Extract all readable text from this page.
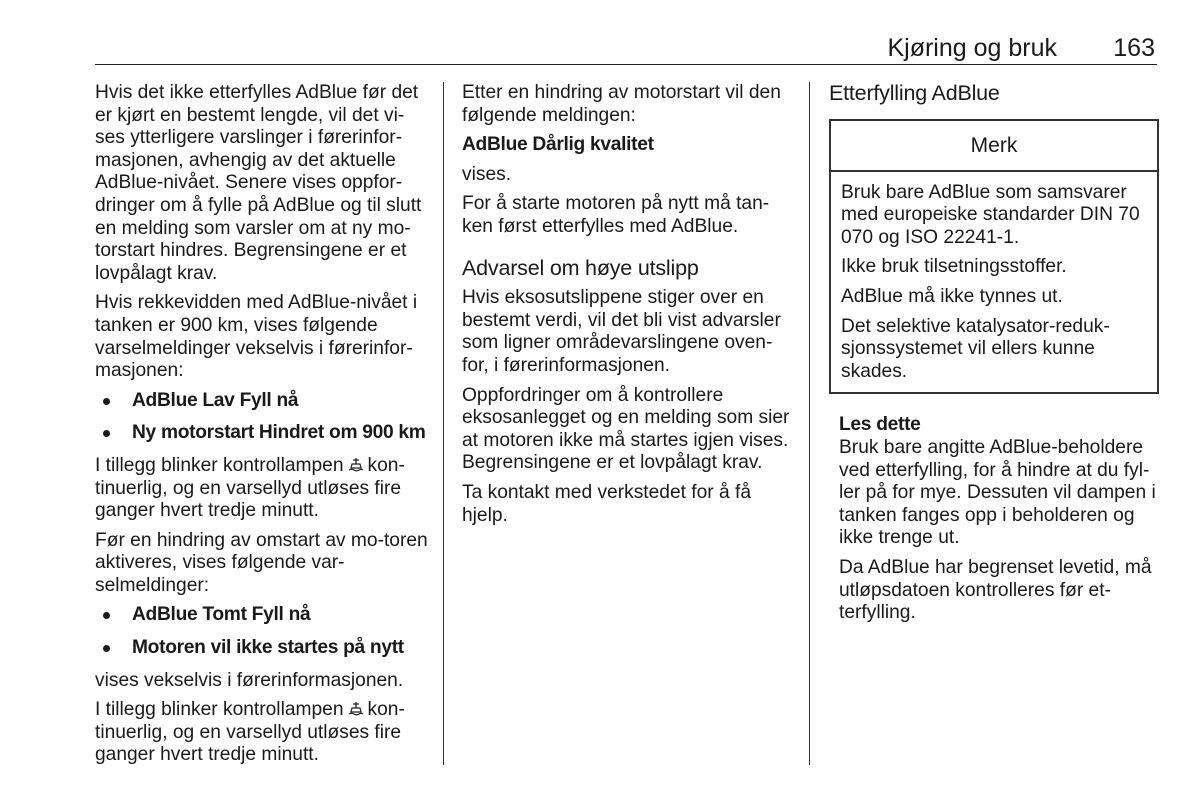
Kjøring og bruk 163

Hvis det ikke etterfylles AdBlue før det er kjørt en bestemt lengde, vil det vi-ses ytterligere varslinger i førerinfor-masjonen, avhengig av det aktuelle AdBlue-nivået. Senere vises oppfor-dringer om å fylle på AdBlue og til slutt en melding som varsler om at ny mo-torstart hindres. Begrensingene er et lovpålagt krav.

Hvis rekkevidden med AdBlue-nivået i tanken er 900 km, vises følgende varselmeldinger vekselvis i førerinfor-masjonen:

AdBlue Lav Fyll nå
Ny motorstart Hindret om 900 km

I tillegg blinker kontrollampen kon-tinuerlig, og en varsellyd utløses fire ganger hvert tredje minutt.

Før en hindring av omstart av mo-toren aktiveres, vises følgende var-selmeldinger:

AdBlue Tomt Fyll nå
Motoren vil ikke startes på nytt

vises vekselvis i førerinformasjonen.

I tillegg blinker kontrollampen kon-tinuerlig, og en varsellyd utløses fire ganger hvert tredje minutt.

Etter en hindring av motorstart vil den følgende meldingen:

AdBlue Dårlig kvalitet

vises.

For å starte motoren på nytt må tan-ken først etterfylles med AdBlue.

Advarsel om høye utslipp

Hvis eksosutslippene stiger over en bestemt verdi, vil det bli vist advarsler som ligner områdevarslingene oven-for, i førerinformasjonen.

Oppfordringer om å kontrollere eksosanlegget og en melding som sier at motoren ikke må startes igjen vises. Begrensingene er et lovpålagt krav.

Ta kontakt med verkstedet for å få hjelp.

Etterfylling AdBlue
Merk

Bruk bare AdBlue som samsvarer med europeiske standarder DIN 70 070 og ISO 22241-1.

Ikke bruk tilsetningsstoffer.

AdBlue må ikke tynnes ut.

Det selektive katalysator-reduk-sjonssystemet vil ellers kunne skades.

Les dette

Bruk bare angitte AdBlue-beholdere ved etterfylling, for å hindre at du fyl-ler på for mye. Dessuten vil dampen i tanken fanges opp i beholderen og ikke trenge ut.

Da AdBlue har begrenset levetid, må utløpsdatoen kontrolleres før et-terfylling.
